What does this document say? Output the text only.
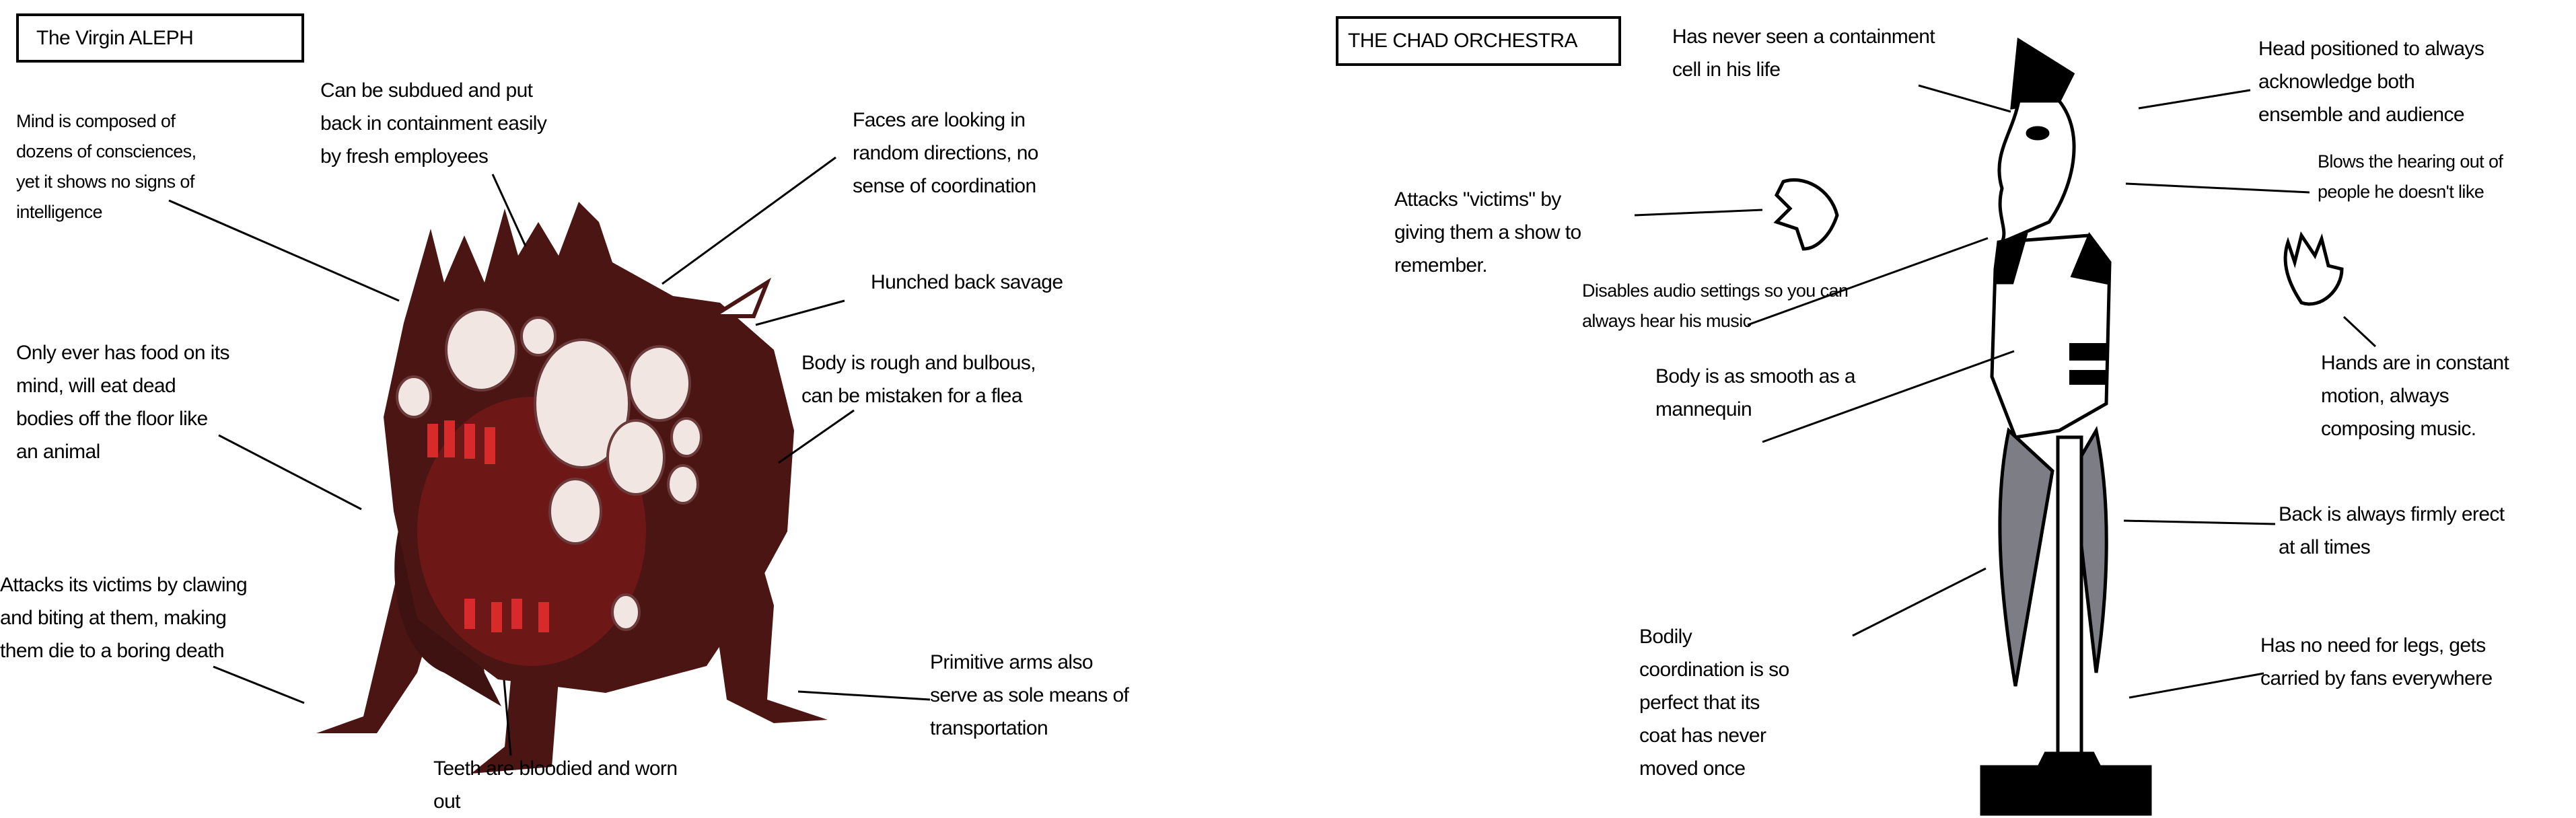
The Virgin ALEPH
Mind is composed of
dozens of consciences,
yet it shows no signs of
intelligence
Can be subdued and put
back in containment easily
by fresh employees
Faces are looking in
random directions, no
sense of coordination
Hunched back savage
Body is rough and bulbous,
can be mistaken for a flea
Only ever has food on its
mind, will eat dead
bodies off the floor like
an animal
Attacks its victims by clawing
and biting at them, making
them die to a boring death
Primitive arms also
serve as sole means of
transportation
Teeth are bloodied and worn
out
THE CHAD ORCHESTRA	Has never seen a containment
cell in his life
Head positioned to always
acknowledge both
ensemble and audience
Blows the hearing out of
people he doesn't like
Attacks "victims" by
giving them a show to
remember.
Disables audio settings so you can
always hear his music
Body is as smooth as a
mannequin
Hands are in constant
motion, always
composing music.
Back is always firmly erect
at all times
Bodily
coordination is so
perfect that its
coat has never
moved once
Has no need for legs, gets
carried by fans everywhere
